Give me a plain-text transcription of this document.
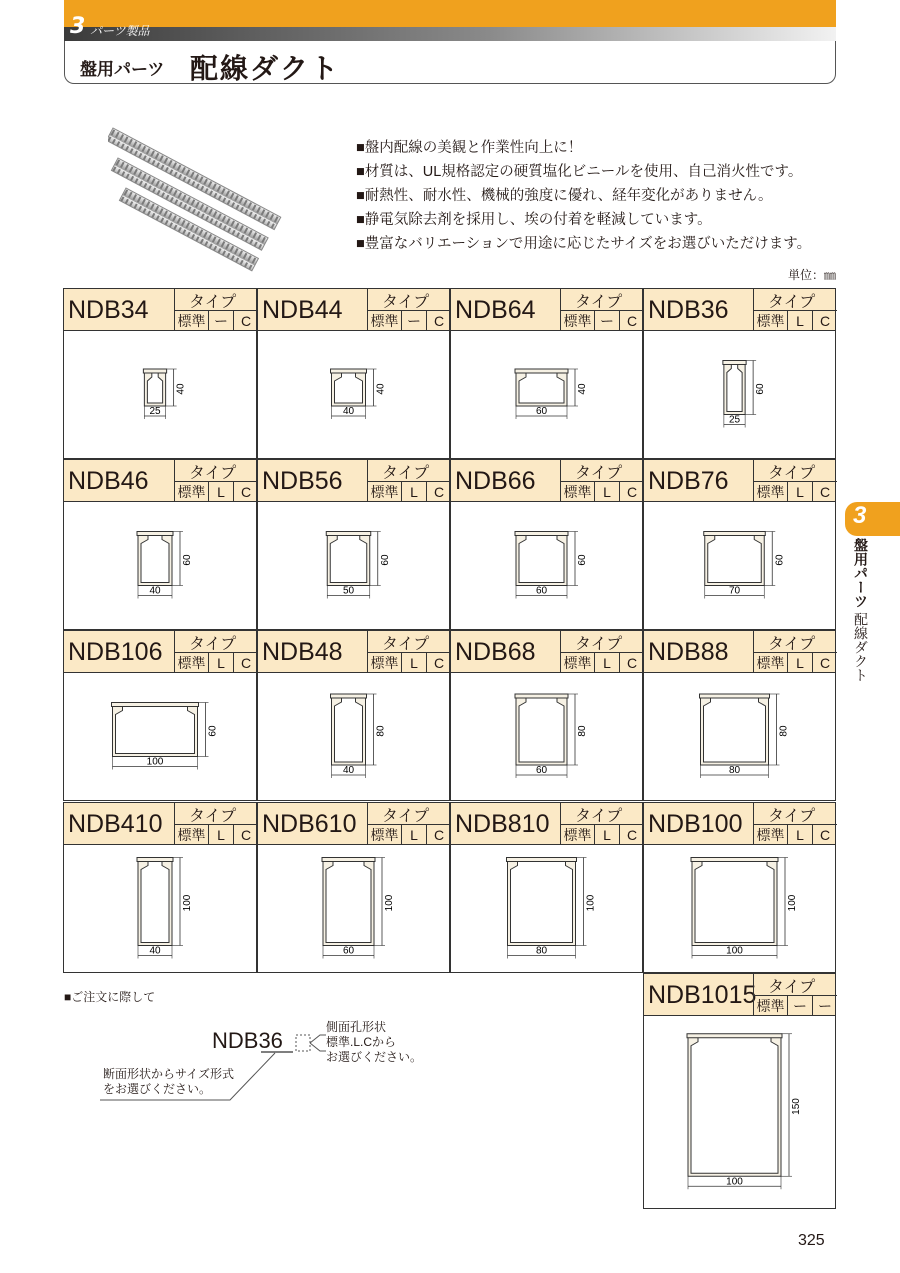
3 パーツ製品
盤用パーツ 配線ダクト
■盤内配線の美観と作業性向上に！
■材質は、UL規格認定の硬質塩化ビニールを使用、自己消火性です。
■耐熱性、耐水性、機械的強度に優れ、経年変化がありません。
■静電気除去剤を採用し、埃の付着を軽減しています。
■豊富なバリエーションで用途に応じたサイズをお選びいただけます。
単位：㎜
NDB34	タイプ
標準 ー C
40
25
NDB44 タイプ
標準 ー C
40
40
NDB64 タイプ
標準 ー C
40
60
NDB36 タイプ
標準 L	C
60
25
NDB46	タイプ
標準 L	C
60
40
NDB56 タイプ
標準 L	C
60
50
NDB66 タイプ
標準 L	C
60
60
NDB76 タイプ
標準 L	C
60
70
NDB106 タイプ
標準 L	C
60
100
NDB48 タイプ
標準 L	C
80
40
NDB68 タイプ
標準 L	C
80
60
NDB88 タイプ
標準 L	C
80
80
NDB410 タイプ
標準 L	C
100
40
NDB610 タイプ
標準 L	C
100
60
NDB810 タイプ
標準 L	C
100
80
NDB100 タイプ
標準 L	C
100
100
NDB1015 タイプ
標準 ー ー
150
100
3
盤用パーツ
配線ダクト
■ご注文に際して
NDB36
側面孔形状
標準.L.Cから
お選びください。
断面形状からサイズ形式
をお選びください。
325
